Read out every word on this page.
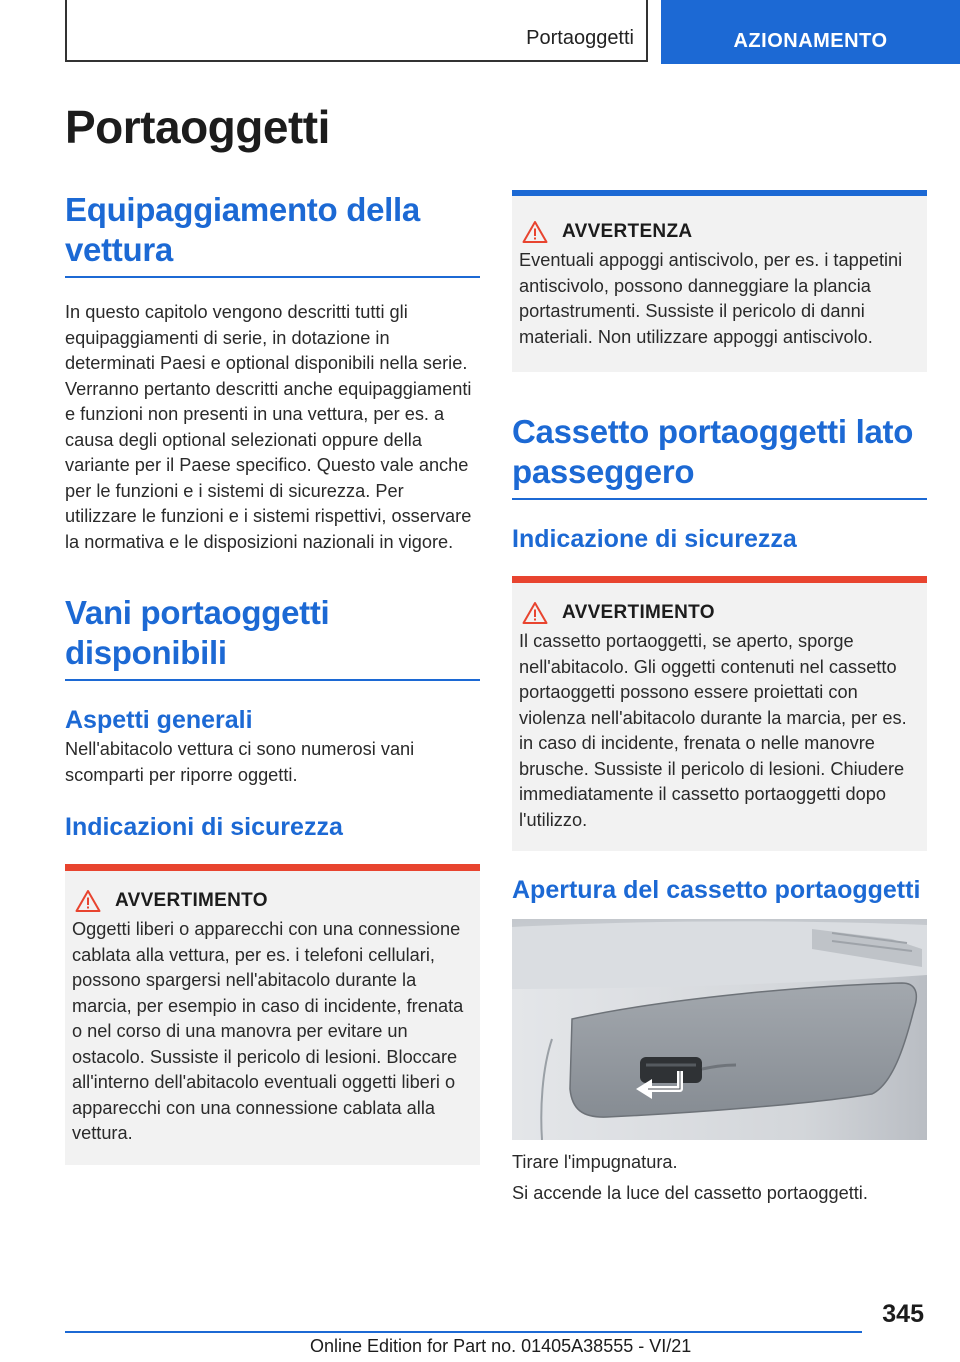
Portaoggetti	AZIONAMENTO
Portaoggetti
Equipaggiamento della vettura

In questo capitolo vengono descritti tutti gli equipaggiamenti di serie, in dotazione in determinati Paesi e optional disponibili nella serie. Verranno pertanto descritti anche equipaggiamenti e funzioni non presenti in una vettura, per es. a causa degli optional selezionati oppure della variante per il Paese specifico. Questo vale anche per le funzioni e i sistemi di sicurezza. Per utilizzare le funzioni e i sistemi rispettivi, osservare la normativa e le disposizioni nazionali in vigore.

Vani portaoggetti disponibili
Aspetti generali

Nell'abitacolo vettura ci sono numerosi vani scomparti per riporre oggetti.

Indicazioni di sicurezza
AVVERTIMENTO
Oggetti liberi o apparecchi con una connessione cablata alla vettura, per es. i telefoni cellulari, possono spargersi nell'abitacolo durante la marcia, per esempio in caso di incidente, frenata o nel corso di una manovra per evitare un ostacolo. Sussiste il pericolo di lesioni. Bloccare all'interno dell'abitacolo eventuali oggetti liberi o apparecchi con una connessione cablata alla vettura.
AVVERTENZA
Eventuali appoggi antiscivolo, per es. i tappetini antiscivolo, possono danneggiare la plancia portastrumenti. Sussiste il pericolo di danni materiali. Non utilizzare appoggi antiscivolo.
Cassetto portaoggetti lato passeggero
Indicazione di sicurezza
AVVERTIMENTO
Il cassetto portaoggetti, se aperto, sporge nell'abitacolo. Gli oggetti contenuti nel cassetto portaoggetti possono essere proiettati con violenza nell'abitacolo durante la marcia, per es. in caso di incidente, frenata o nelle manovre brusche. Sussiste il pericolo di lesioni. Chiudere immediatamente il cassetto portaoggetti dopo l'utilizzo.
Apertura del cassetto portaoggetti

Tirare l'impugnatura.

Si accende la luce del cassetto portaoggetti.

345
Online Edition for Part no. 01405A38555 - VI/21
